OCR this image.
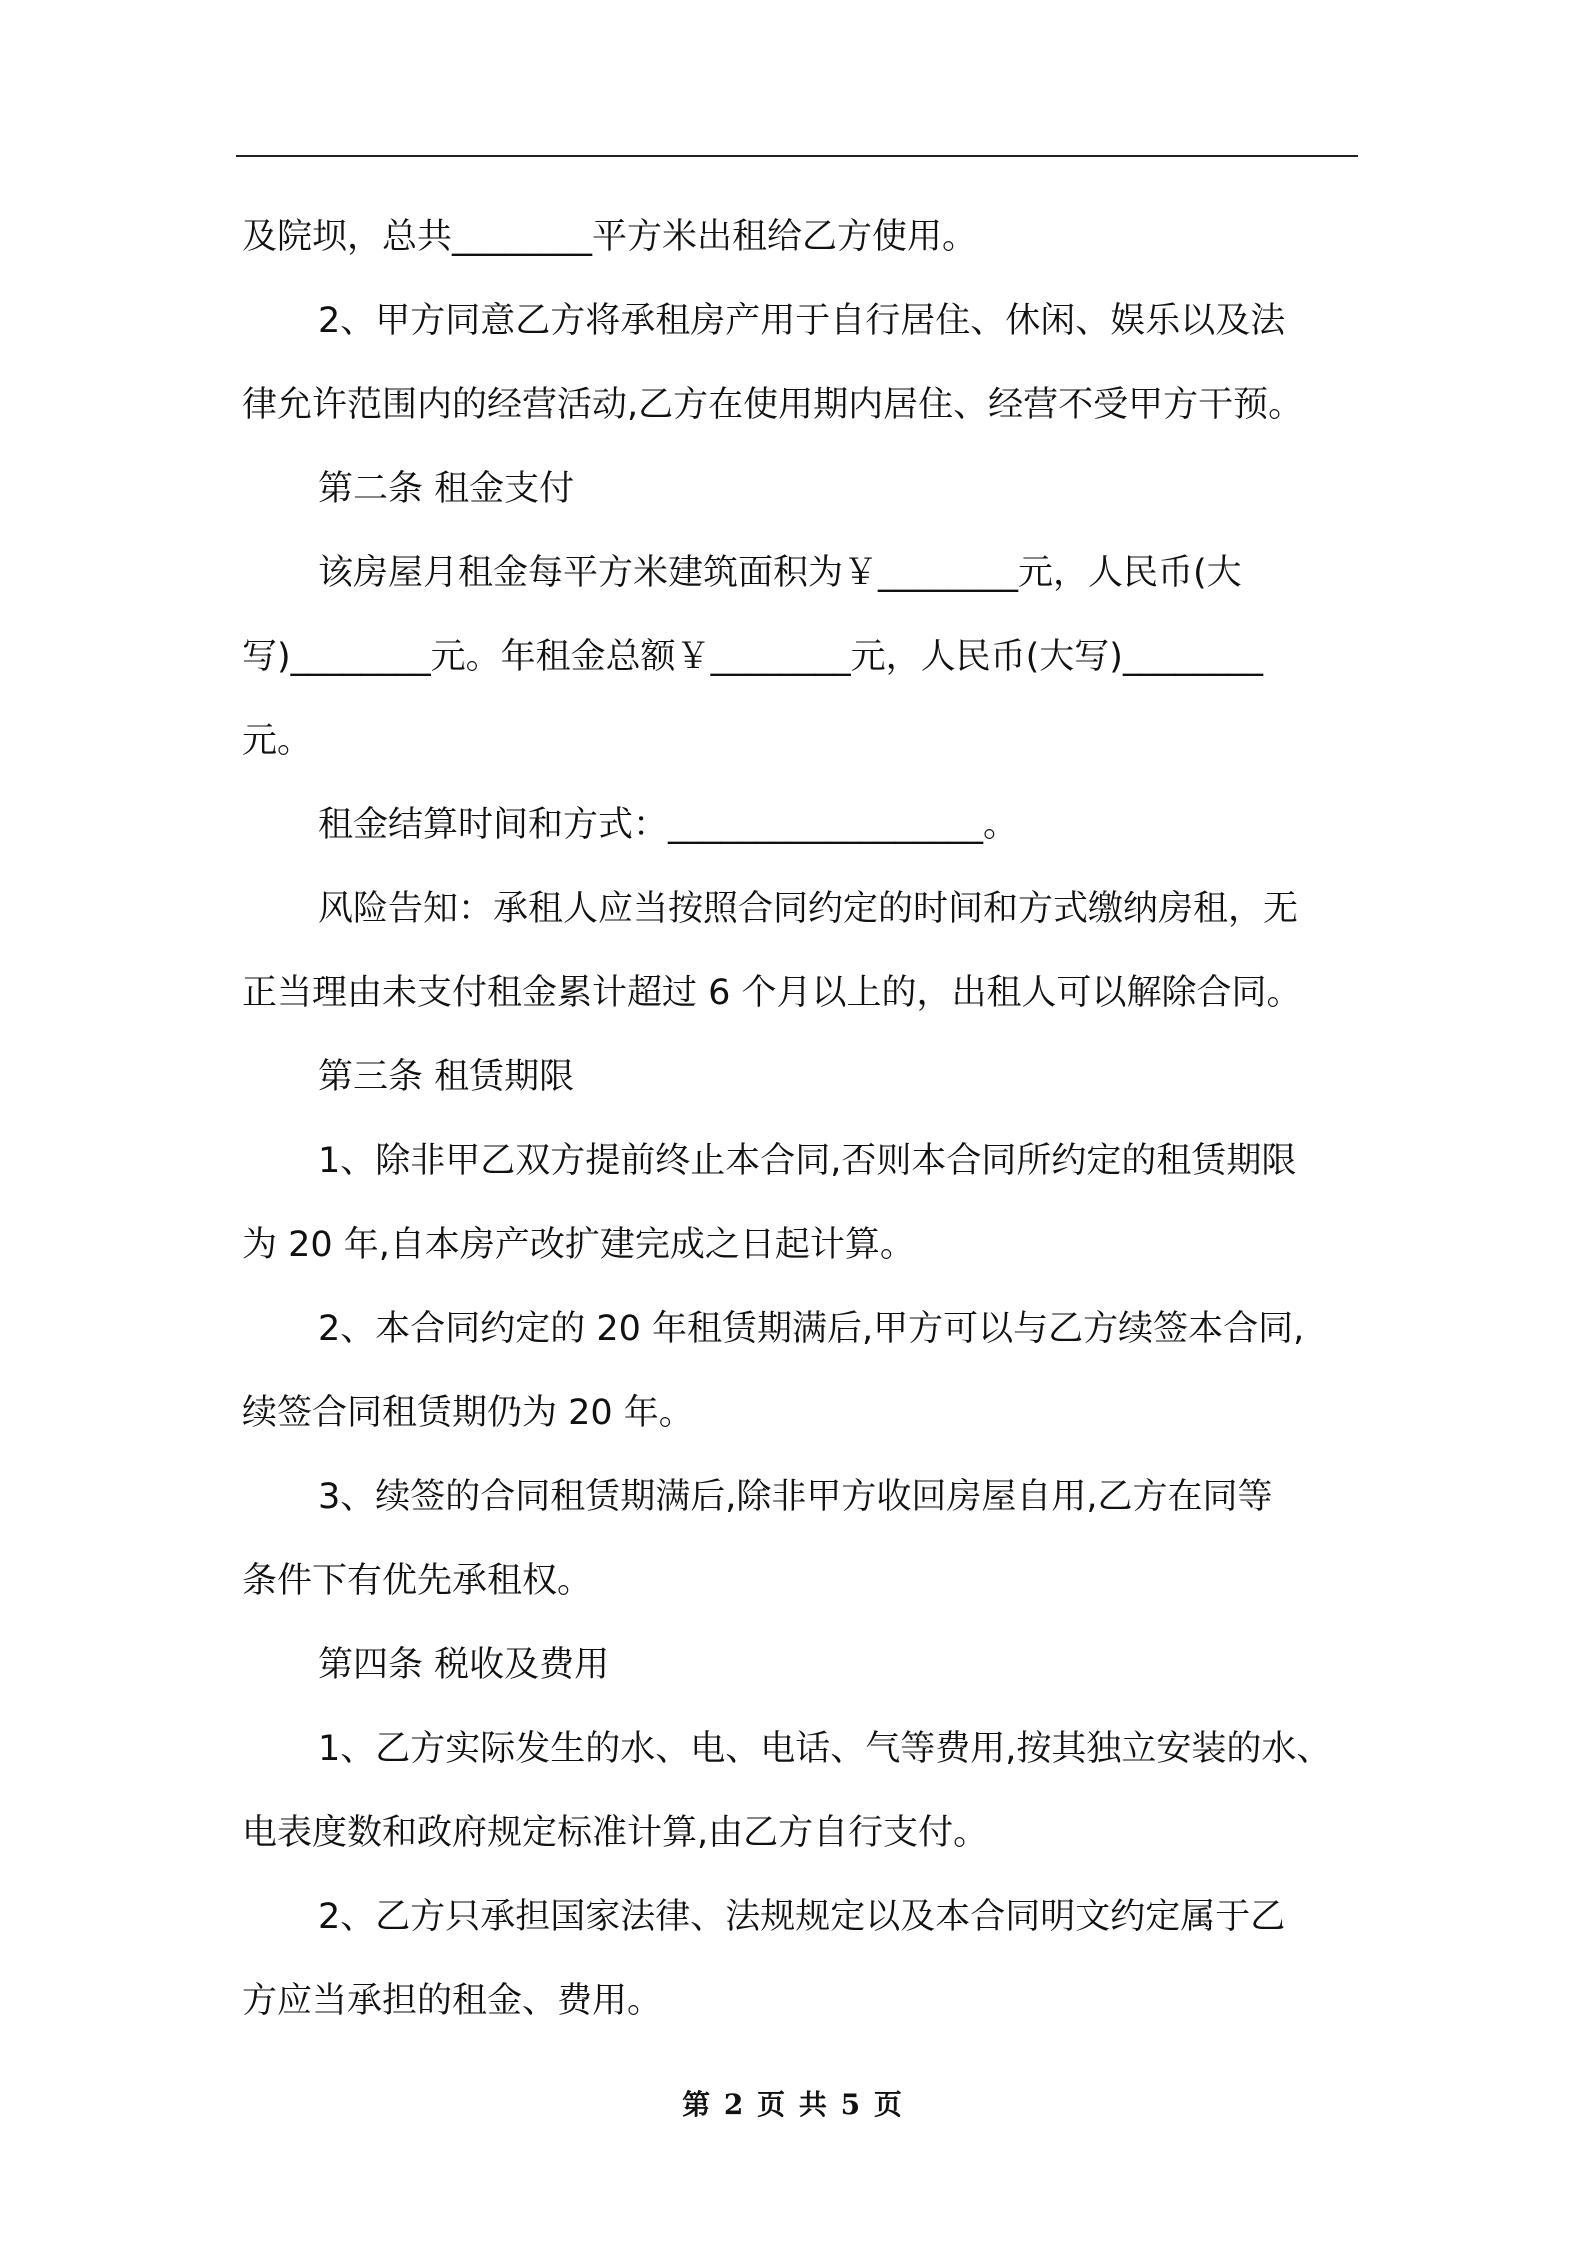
及院坝，总共________平方米出租给乙方使用。
2、甲方同意乙方将承租房产用于自行居住、休闲、娱乐以及法
律允许范围内的经营活动,乙方在使用期内居住、经营不受甲方干预。
第二条 租金支付
该房屋月租金每平方米建筑面积为￥________元，人民币(大
写)________元。年租金总额￥________元，人民币(大写)________
元。
租金结算时间和方式：__________________。
风险告知：承租人应当按照合同约定的时间和方式缴纳房租，无
正当理由未支付租金累计超过 6 个月以上的，出租人可以解除合同。
第三条 租赁期限
1、除非甲乙双方提前终止本合同,否则本合同所约定的租赁期限
为 20 年,自本房产改扩建完成之日起计算。
2、本合同约定的 20 年租赁期满后,甲方可以与乙方续签本合同,
续签合同租赁期仍为 20 年。
3、续签的合同租赁期满后,除非甲方收回房屋自用,乙方在同等
条件下有优先承租权。
第四条 税收及费用
1、乙方实际发生的水、电、电话、气等费用,按其独立安装的水、
电表度数和政府规定标准计算,由乙方自行支付。
2、乙方只承担国家法律、法规规定以及本合同明文约定属于乙
方应当承担的租金、费用。
第 2 页 共 5 页
